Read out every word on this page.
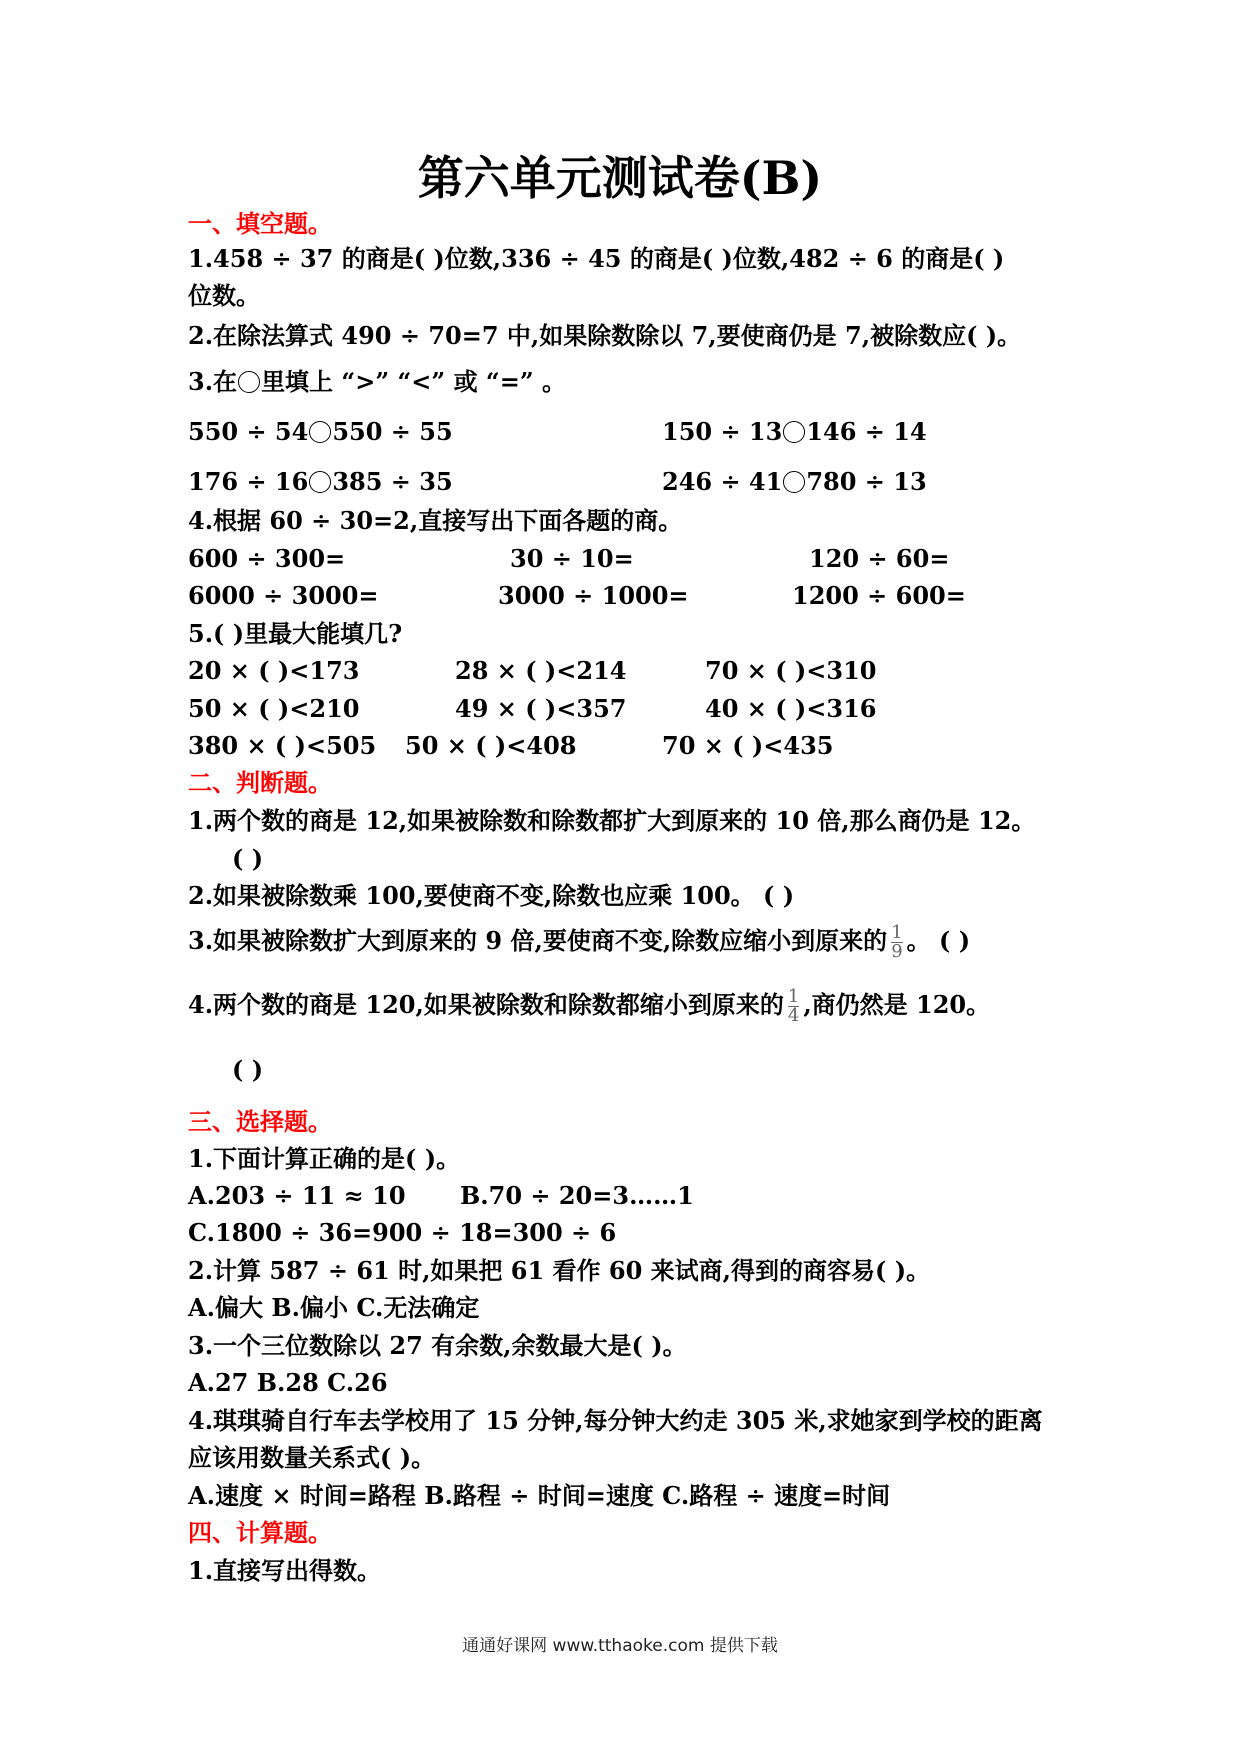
第六单元测试卷(B)
一、填空题。
1.458 ÷ 37 的商是( )位数,336 ÷ 45 的商是( )位数,482 ÷ 6 的商是( )
位数。
2.在除法算式 490 ÷ 70=7 中,如果除数除以 7,要使商仍是 7,被除数应( )。
3.在 里填上 “>” “<” 或 “=” 。
550 ÷ 54 550 ÷ 55	150 ÷ 13 146 ÷ 14
176 ÷ 16 385 ÷ 35	246 ÷ 41 780 ÷ 13
4.根据 60 ÷ 30=2,直接写出下面各题的商。
600 ÷ 300=	30 ÷ 10=	120 ÷ 60=
6000 ÷ 3000=	3000 ÷ 1000=	1200 ÷ 600=
5.( )里最大能填几?
20 × ( )<173	28 × ( )<214	70 × ( )<310
50 × ( )<210	49 × ( )<357	40 × ( )<316
380 × ( )<505 50 × ( )<408	70 × ( )<435
二、判断题。
1.两个数的商是 12,如果被除数和除数都扩大到原来的 10 倍,那么商仍是 12。
( )
2.如果被除数乘 100,要使商不变,除数也应乘 100。 ( )
3.如果被除数扩大到原来的 9 倍,要使商不变,除数应缩小到原来的 $\frac{1}{9}$ 。 ( )
4.两个数的商是 120,如果被除数和除数都缩小到原来的 $\frac{1}{4}$ ,商仍然是 120。
( )
三、选择题。
1.下面计算正确的是( )。
A.203 ÷ 11 ≈ 10 B.70 ÷ 20=3……1
C.1800 ÷ 36=900 ÷ 18=300 ÷ 6
2.计算 587 ÷ 61 时,如果把 61 看作 60 来试商,得到的商容易( )。
A.偏大 B.偏小 C.无法确定
3.一个三位数除以 27 有余数,余数最大是( )。
A.27 B.28 C.26
4.琪琪骑自行车去学校用了 15 分钟,每分钟大约走 305 米,求她家到学校的距离
应该用数量关系式( )。
A.速度 × 时间=路程 B.路程 ÷ 时间=速度 C.路程 ÷ 速度=时间
四、计算题。
1.直接写出得数。
通通好课网 www.tthaoke.com 提供下载
